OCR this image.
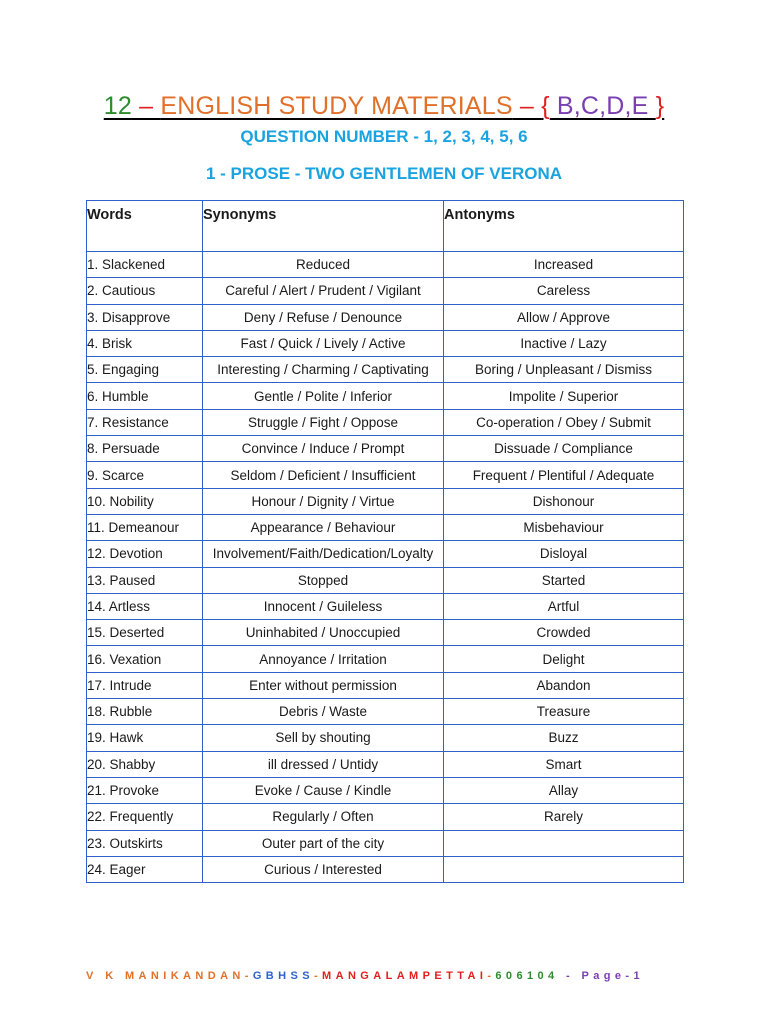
12 – ENGLISH STUDY MATERIALS – { B,C,D,E }
QUESTION NUMBER - 1, 2, 3, 4, 5, 6
1 - PROSE - TWO GENTLEMEN OF VERONA
Words	Synonyms	Antonyms
1. Slackened	Reduced	Increased
2. Cautious	Careful / Alert / Prudent / Vigilant	Careless
3. Disapprove	Deny / Refuse / Denounce	Allow / Approve
4. Brisk	Fast / Quick / Lively / Active	Inactive / Lazy
5. Engaging	Interesting / Charming / Captivating	Boring / Unpleasant / Dismiss
6. Humble	Gentle / Polite / Inferior	Impolite / Superior
7. Resistance	Struggle / Fight / Oppose	Co-operation / Obey / Submit
8. Persuade	Convince / Induce / Prompt	Dissuade / Compliance
9. Scarce	Seldom / Deficient / Insufficient	Frequent / Plentiful / Adequate
10. Nobility	Honour / Dignity / Virtue	Dishonour
11. Demeanour	Appearance / Behaviour	Misbehaviour
12. Devotion	Involvement/Faith/Dedication/Loyalty	Disloyal
13. Paused	Stopped	Started
14. Artless	Innocent / Guileless	Artful
15. Deserted	Uninhabited / Unoccupied	Crowded
16. Vexation	Annoyance / Irritation	Delight
17. Intrude	Enter without permission	Abandon
18. Rubble	Debris / Waste	Treasure
19. Hawk	Sell by shouting	Buzz
20. Shabby	ill dressed / Untidy	Smart
21. Provoke	Evoke / Cause / Kindle	Allay
22. Frequently	Regularly / Often	Rarely
23. Outskirts	Outer part of the city	
24. Eager	Curious / Interested	
V K MANIKANDAN-GBHSS-MANGALAMPETTAI-606104 - Page-1
